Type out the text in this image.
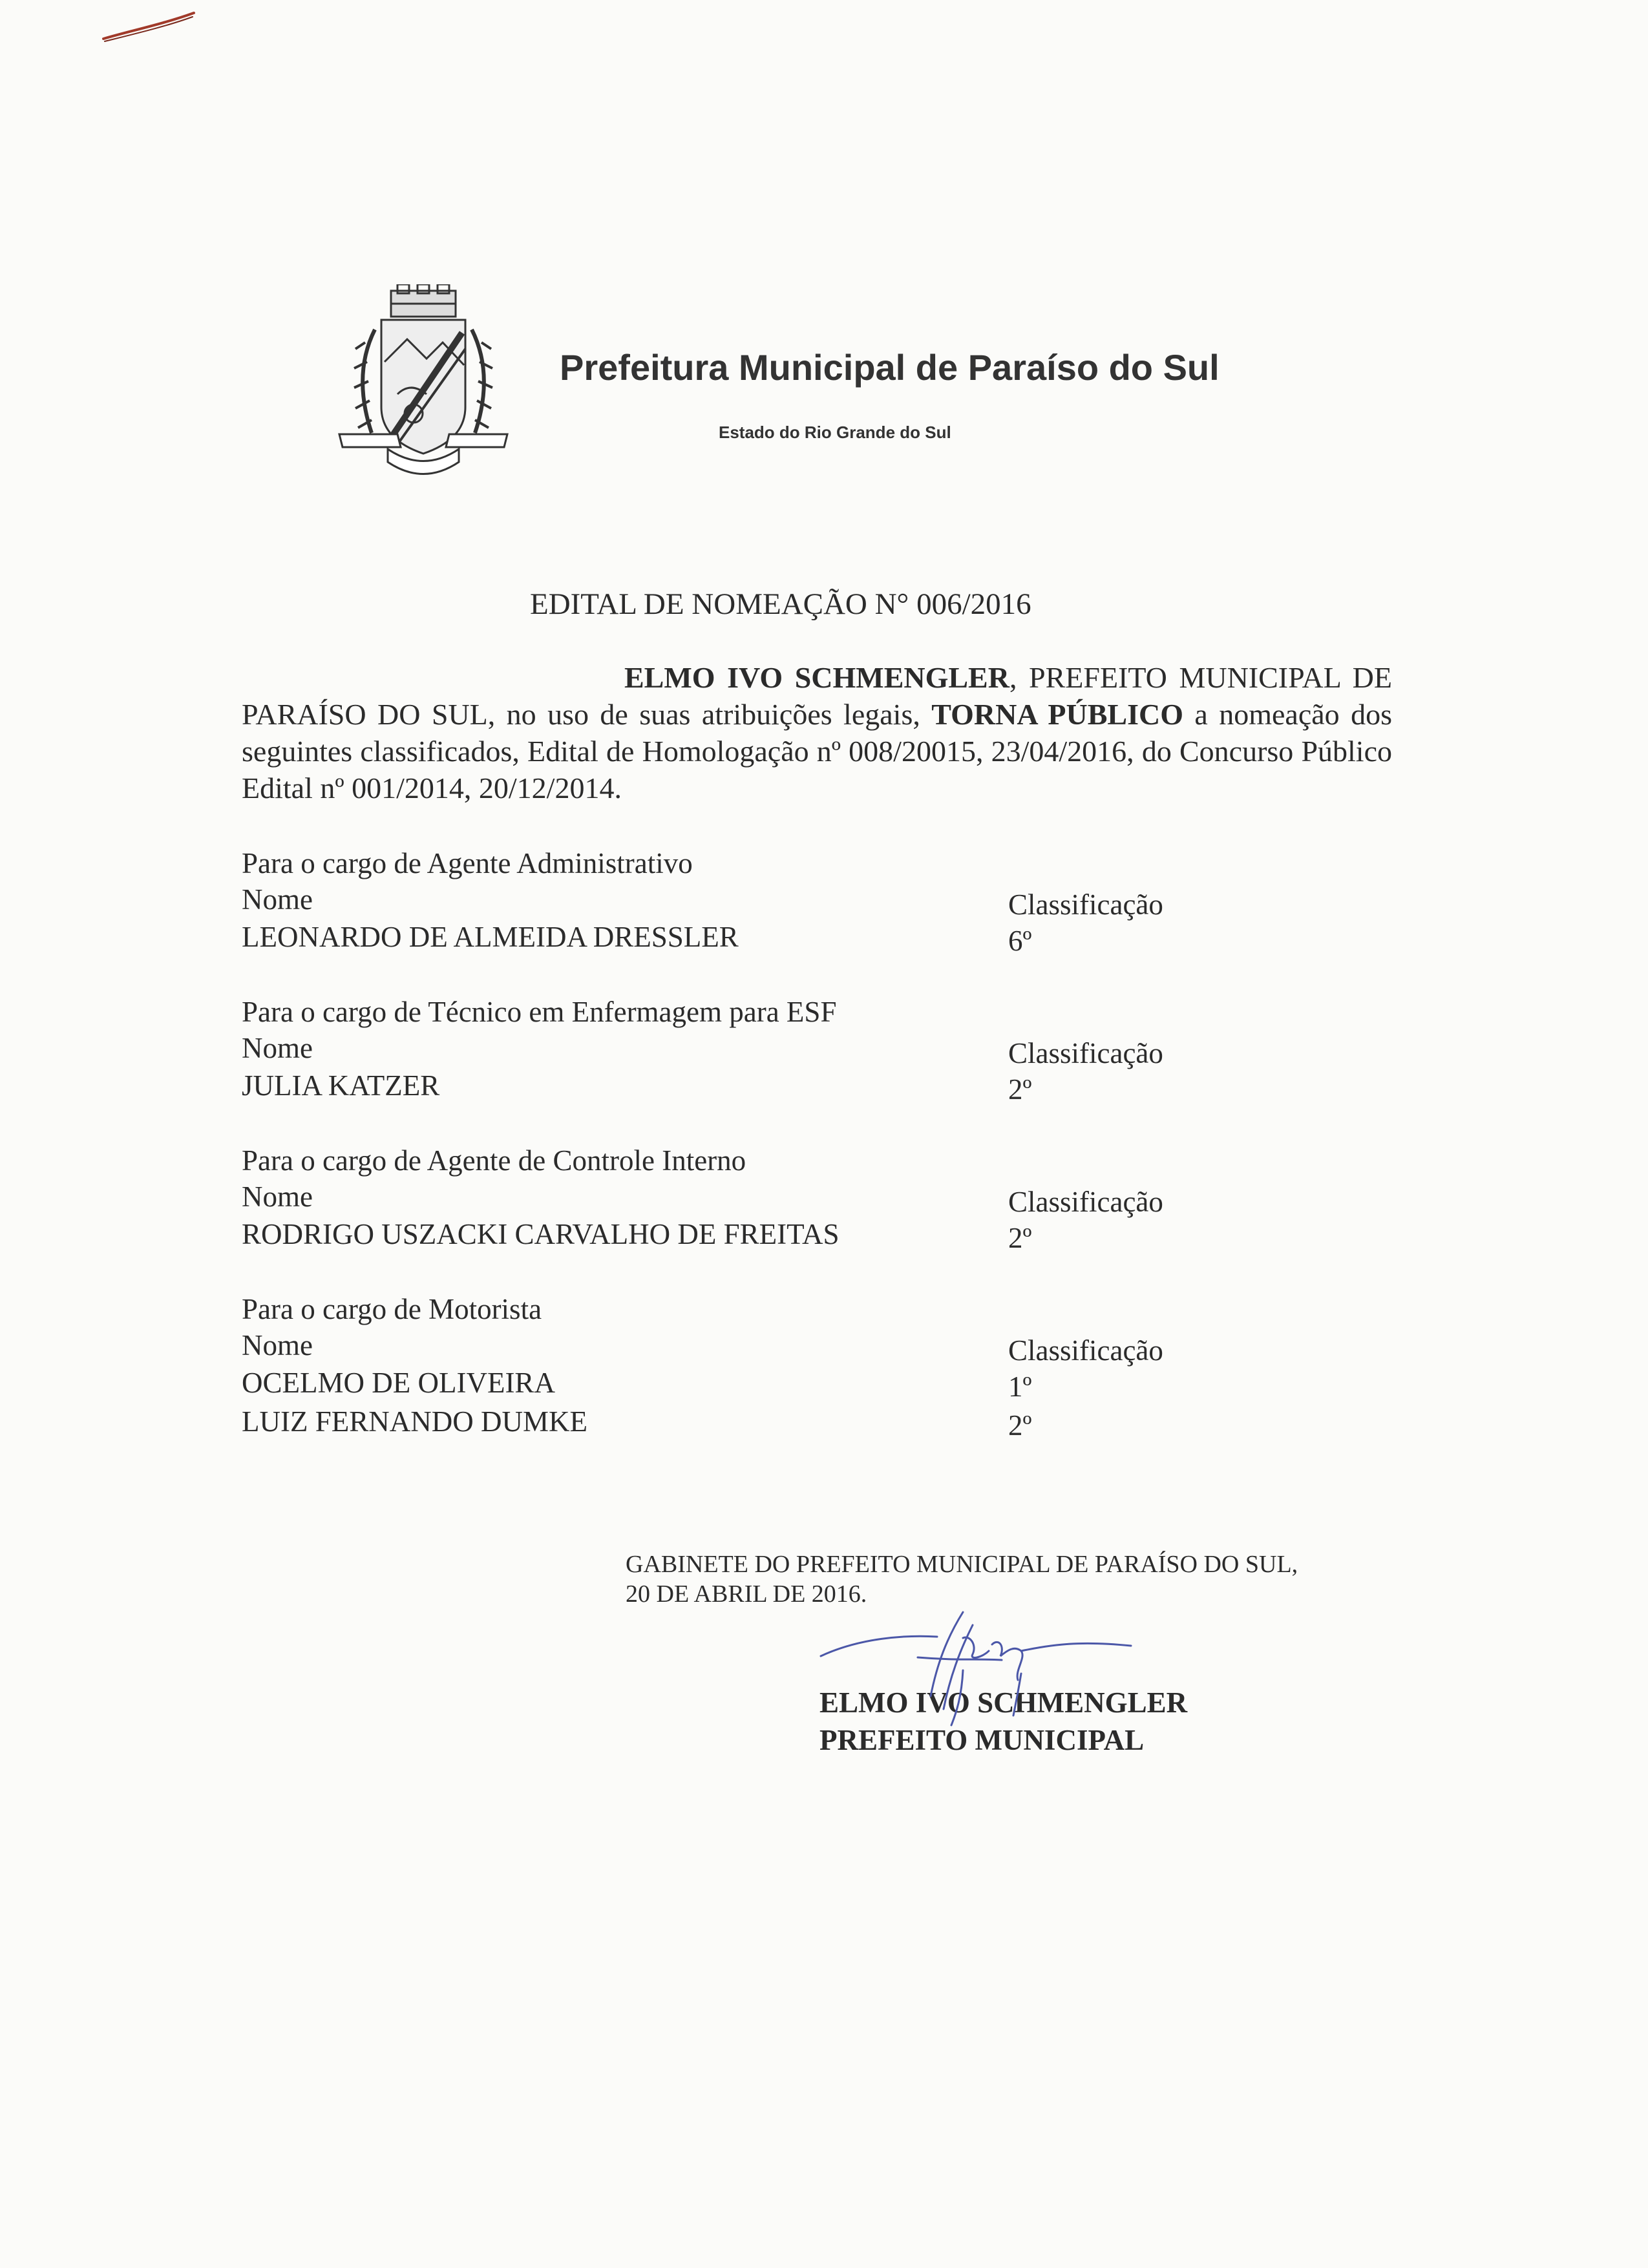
Prefeitura Municipal de Paraíso do Sul
Estado do Rio Grande do Sul
EDITAL DE NOMEAÇÃO N° 006/2016
ELMO IVO SCHMENGLER, PREFEITO MUNICIPAL DE PARAÍSO DO SUL, no uso de suas atribuições legais, TORNA PÚBLICO a nomeação dos seguintes classificados, Edital de Homologação nº 008/20015, 23/04/2016, do Concurso Público Edital nº 001/2014, 20/12/2014.
Para o cargo de Agente Administrativo
Nome	Classificação
LEONARDO DE ALMEIDA DRESSLER	6º
Para o cargo de Técnico em Enfermagem para ESF
Nome	Classificação
JULIA KATZER	2º
Para o cargo de Agente de Controle Interno
Nome	Classificação
RODRIGO USZACKI CARVALHO DE FREITAS	2º
Para o cargo de Motorista
Nome	Classificação
OCELMO DE OLIVEIRA	1º
LUIZ FERNANDO DUMKE	2º
GABINETE DO PREFEITO MUNICIPAL DE PARAÍSO DO SUL,
20 DE ABRIL DE 2016.
ELMO IVO SCHMENGLER
PREFEITO MUNICIPAL
